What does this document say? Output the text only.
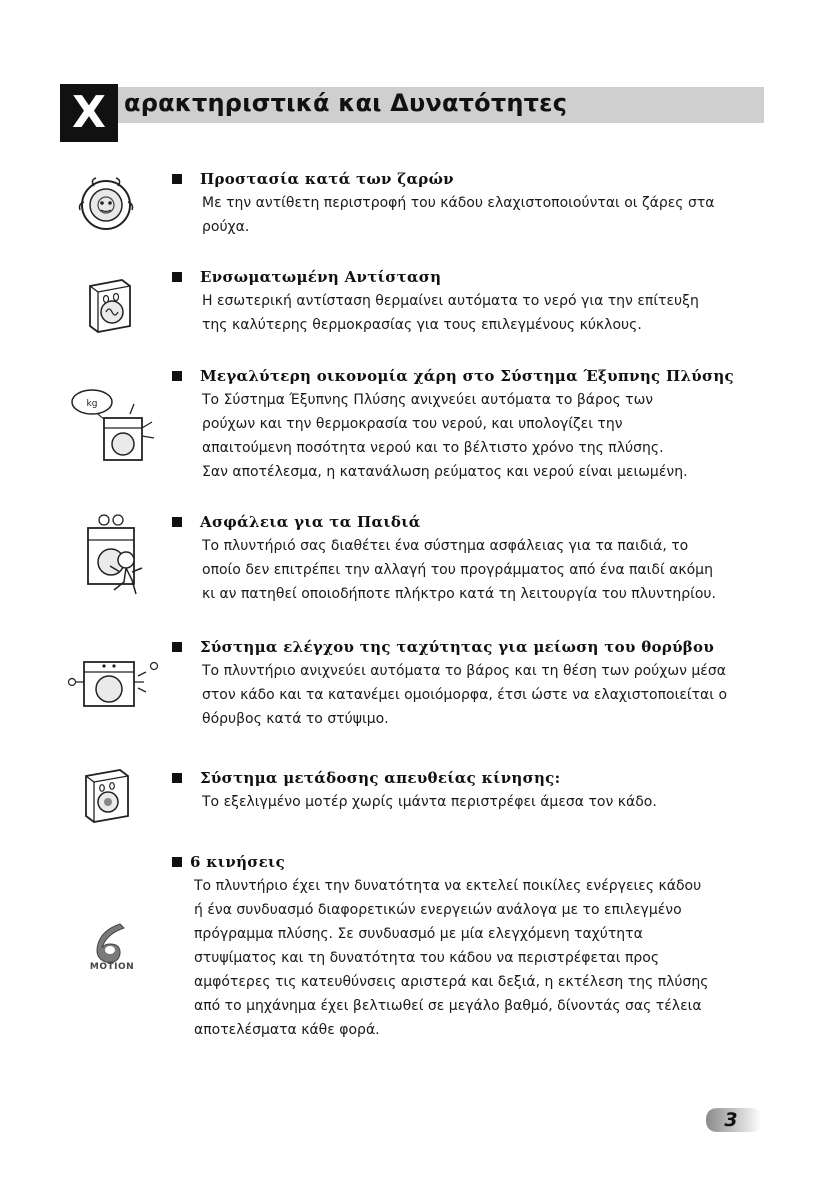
Χ αρακτηριστικά και Δυνατότητες
kg
MOTION
Προστασία κατά των ζαρών
Με την αντίθετη περιστροφή του κάδου ελαχιστοποιούνται οι ζάρες στα
ρούχα.
Ενσωματωμένη Αντίσταση
Η εσωτερική αντίσταση θερμαίνει αυτόματα το νερό για την επίτευξη
της καλύτερης θερμοκρασίας για τους επιλεγμένους κύκλους.
Μεγαλύτερη οικονομία χάρη στο Σύστημα Έξυπνης Πλύσης
Το Σύστημα Έξυπνης Πλύσης ανιχνεύει αυτόματα το βάρος των
ρούχων και την θερμοκρασία του νερού, και υπολογίζει την
απαιτούμενη ποσότητα νερού και το βέλτιστο χρόνο της πλύσης.
Σαν αποτέλεσμα, η κατανάλωση ρεύματος και νερού είναι μειωμένη.
Ασφάλεια για τα Παιδιά
Το πλυντήριό σας διαθέτει ένα σύστημα ασφάλειας για τα παιδιά, το
οποίο δεν επιτρέπει την αλλαγή του προγράμματος από ένα παιδί ακόμη
κι αν πατηθεί οποιοδήποτε πλήκτρο κατά τη λειτουργία του πλυντηρίου.
Σύστημα ελέγχου της ταχύτητας για μείωση του θορύβου
Το πλυντήριο ανιχνεύει αυτόματα το βάρος και τη θέση των ρούχων μέσα
στον κάδο και τα κατανέμει ομοιόμορφα, έτσι ώστε να ελαχιστοποιείται ο
θόρυβος κατά το στύψιμο.
Σύστημα μετάδοσης απευθείας κίνησης:
Το εξελιγμένο μοτέρ χωρίς ιμάντα περιστρέφει άμεσα τον κάδο.
6 κινήσεις
Το πλυντήριο έχει την δυνατότητα να εκτελεί ποικίλες ενέργειες κάδου
ή ένα συνδυασμό διαφορετικών ενεργειών ανάλογα με το επιλεγμένο
πρόγραμμα πλύσης. Σε συνδυασμό με μία ελεγχόμενη ταχύτητα
στυψίματος και τη δυνατότητα του κάδου να περιστρέφεται προς
αμφότερες τις κατευθύνσεις αριστερά και δεξιά, η εκτέλεση της πλύσης
από το μηχάνημα έχει βελτιωθεί σε μεγάλο βαθμό, δίνοντάς σας τέλεια
αποτελέσματα κάθε φορά.
3
